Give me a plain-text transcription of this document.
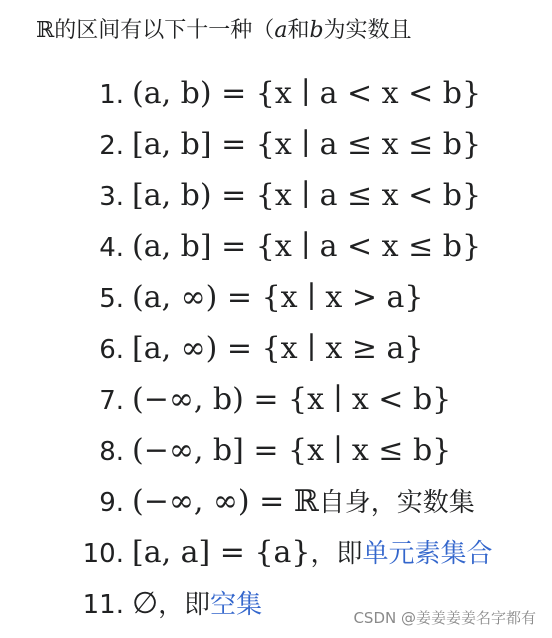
ℝ的区间有以下十一种（a和b为实数且
1. (a, b) = {x ∣ a < x < b}
2. [a, b] = {x ∣ a ≤ x ≤ b}
3. [a, b) = {x ∣ a ≤ x < b}
4. (a, b] = {x ∣ a < x ≤ b}
5. (a, ∞) = {x ∣ x > a}
6. [a, ∞) = {x ∣ x ≥ a}
7. (−∞, b) = {x ∣ x < b}
8. (−∞, b] = {x ∣ x ≤ b}
9. (−∞, ∞) = ℝ自身，实数集
10. [a, a] = {a}，即单元素集合
11. ∅，即空集	CSDN @姜姜姜姜名字都有
